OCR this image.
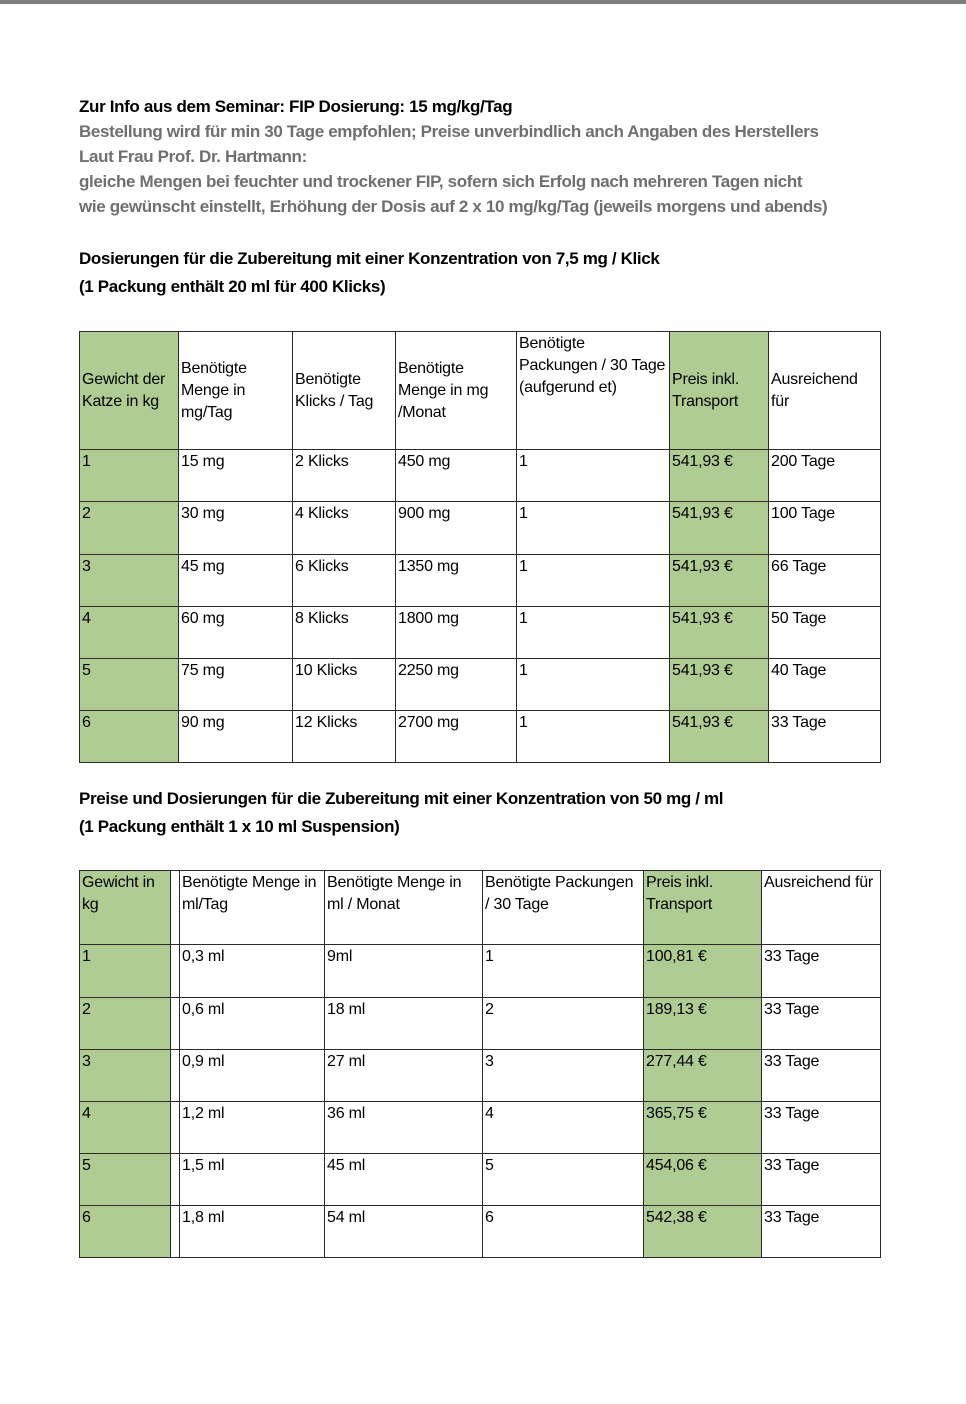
Zur Info aus dem Seminar: FIP Dosierung: 15 mg/kg/Tag
Bestellung wird für min 30 Tage empfohlen; Preise unverbindlich anch Angaben des Herstellers
Laut Frau Prof. Dr. Hartmann:
gleiche Mengen bei feuchter und trockener FIP, sofern sich Erfolg nach mehreren Tagen nicht
wie gewünscht einstellt, Erhöhung der Dosis auf 2 x 10 mg/kg/Tag (jeweils morgens und abends)
Dosierungen für die Zubereitung mit einer Konzentration von 7,5 mg / Klick
(1 Packung enthält 20 ml für 400 Klicks)
Gewicht der Katze in kg	Benötigte Menge in mg/Tag	Benötigte Klicks / Tag	Benötigte Menge in mg /Monat	Benötigte Packungen / 30 Tage (aufgerund et)	Preis inkl. Transport	Ausreichend für
1	15 mg	2 Klicks	450 mg	1	541,93 €	200 Tage
2	30 mg	4 Klicks	900 mg	1	541,93 €	100 Tage
3	45 mg	6 Klicks	1350 mg	1	541,93 €	66 Tage
4	60 mg	8 Klicks	1800 mg	1	541,93 €	50 Tage
5	75 mg	10 Klicks	2250 mg	1	541,93 €	40 Tage
6	90 mg	12 Klicks	2700 mg	1	541,93 €	33 Tage
Preise und Dosierungen für die Zubereitung mit einer Konzentration von 50 mg / ml
(1 Packung enthält 1 x 10 ml Suspension)
Gewicht in kg		Benötigte Menge in ml/Tag	Benötigte Menge in ml / Monat	Benötigte Packungen / 30 Tage	Preis inkl. Transport	Ausreichend für
1		0,3 ml	9ml	1	100,81 €	33 Tage
2		0,6 ml	18 ml	2	189,13 €	33 Tage
3		0,9 ml	27 ml	3	277,44 €	33 Tage
4		1,2 ml	36 ml	4	365,75 €	33 Tage
5		1,5 ml	45 ml	5	454,06 €	33 Tage
6		1,8 ml	54 ml	6	542,38 €	33 Tage
